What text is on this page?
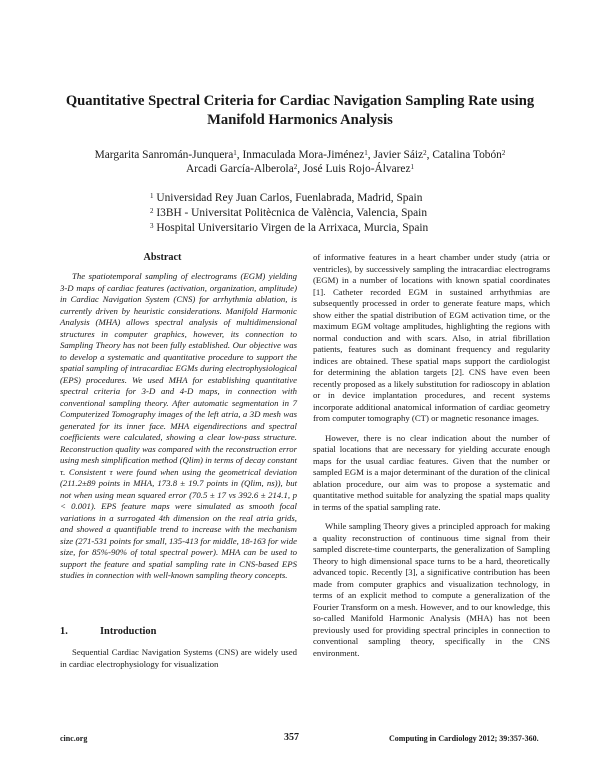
Quantitative Spectral Criteria for Cardiac Navigation Sampling Rate using
Manifold Harmonics Analysis
Margarita Sanromán-Junquera$^1$, Inmaculada Mora-Jiménez$^1$, Javier Sáiz$^2$, Catalina Tobón$^2$
Arcadi García-Alberola$^2$, José Luis Rojo-Álvarez$^1$
$^1$ Universidad Rey Juan Carlos, Fuenlabrada, Madrid, Spain
$^2$ I3BH - Universitat Politècnica de València, Valencia, Spain
$^3$ Hospital Universitario Virgen de la Arrixaca, Murcia, Spain
Abstract

The spatiotemporal sampling of electrograms (EGM) yielding 3-D maps of cardiac features (activation, organization, amplitude) in Cardiac Navigation System (CNS) for arrhythmia ablation, is currently driven by heuristic considerations. Manifold Harmonic Analysis (MHA) allows spectral analysis of multidimensional structures in computer graphics, however, its connection to Sampling Theory has not been fully established. Our objective was to develop a systematic and quantitative procedure to support the spatial sampling of intracardiac EGMs during electrophysiological (EPS) procedures. We used MHA for establishing quantitative spectral criteria for 3-D and 4-D maps, in connection with conventional sampling theory. After automatic segmentation in 7 Computerized Tomography images of the left atria, a 3D mesh was generated for its inner face. MHA eigendirections and spectral coefficients were calculated, showing a clear low-pass structure. Reconstruction quality was compared with the reconstruction error using mesh simplification method (Qlim) in terms of decay constant τ. Consistent τ were found when using the geometrical deviation (211.2±89 points in MHA, 173.8 ± 19.7 points in (Qlim, ns)), but not when using mean squared error (70.5 ± 17 vs 392.6 ± 214.1, p < 0.001). EPS feature maps were simulated as smooth focal variations in a surrogated 4th dimension on the real atria grids, and showed a quantifiable trend to increase with the mechanism size (271-531 points for small, 135-413 for middle, 18-163 for wide size, for 85%-90% of total spectral power). MHA can be used to support the feature and spatial sampling rate in CNS-based EPS studies in connection with well-known sampling theory concepts.

1.	Introduction

Sequential Cardiac Navigation Systems (CNS) are widely used in cardiac electrophysiology for visualization

of informative features in a heart chamber under study (atria or ventricles), by successively sampling the intracardiac electrograms (EGM) in a number of locations with known spatial coordinates [1]. Catheter recorded EGM in sustained arrhythmias are subsequently processed in order to generate feature maps, which show either the spatial distribution of EGM activation time, or the maximum EGM voltage amplitudes, highlighting the regions with normal conduction and with scars. Also, in atrial fibrillation patients, features such as dominant frequency and regularity indices are obtained. These spatial maps support the cardiologist for determining the ablation targets [2]. CNS have even been recently proposed as a likely substitution for radioscopy in ablation or in device implantation procedures, and recent systems incorporate additional anatomical information of cardiac geometry from computer tomography (CT) or magnetic resonance images.

However, there is no clear indication about the number of spatial locations that are necessary for yielding accurate enough maps for the usual cardiac features. Given that the number or sampled EGM is a major determinant of the duration of the clinical ablation procedure, our aim was to propose a systematic and quantitative method suitable for analyzing the spatial maps quality in terms of the spatial sampling rate.

While sampling Theory gives a principled approach for making a quality reconstruction of continuous time signal from their sampled discrete-time counterparts, the generalization of Sampling Theory to high dimensional space turns to be a hard, theoretically advanced topic. Recently [3], a significative contribution has been made from computer graphics and visualization technology, in terms of an explicit method to compute a generalization of the Fourier Transform on a mesh. However, and to our knowledge, this so-called Manifold Harmonic Analysis (MHA) has not been previously used for providing spectral principles in connection to conventional sampling theory, specifically in the CNS environment.

cinc.org	357	Computing in Cardiology 2012; 39:357-360.
